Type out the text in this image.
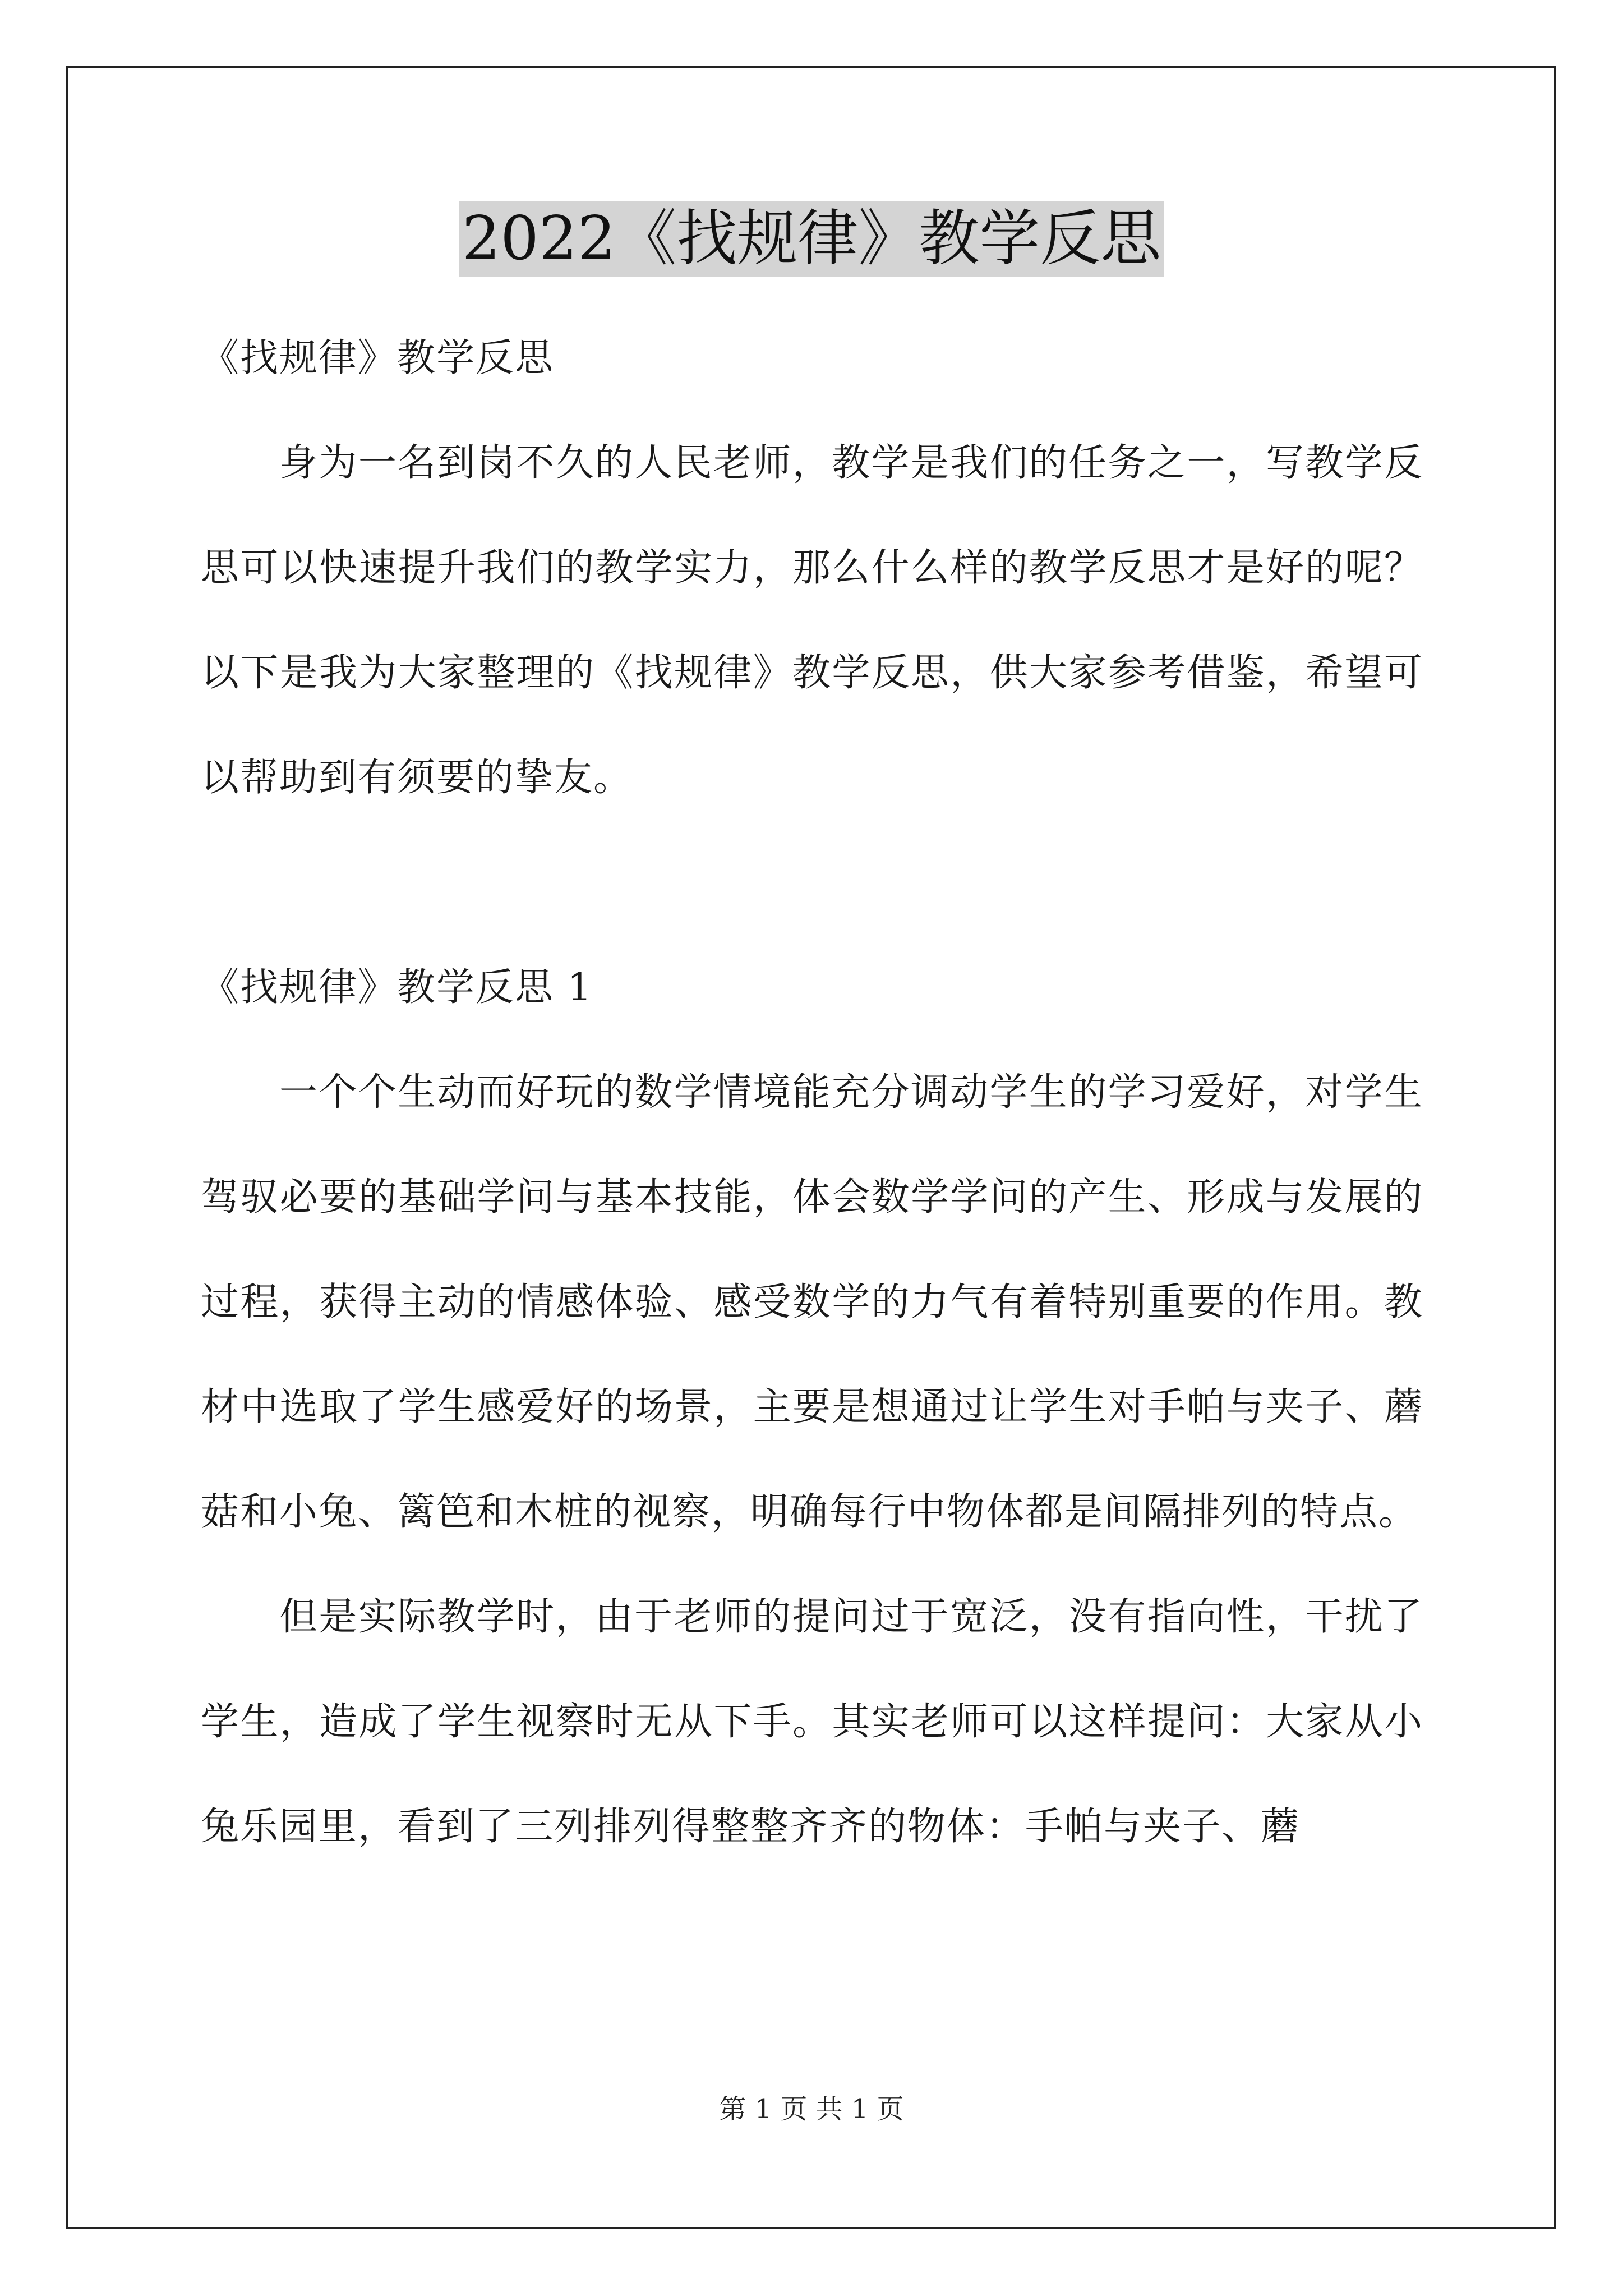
2022《找规律》教学反思

《找规律》教学反思

身为一名到岗不久的人民老师，教学是我们的任务之一，写教学反思可以快速提升我们的教学实力，那么什么样的教学反思才是好的呢？以下是我为大家整理的《找规律》教学反思，供大家参考借鉴，希望可以帮助到有须要的挚友。

《找规律》教学反思 1

一个个生动而好玩的数学情境能充分调动学生的学习爱好，对学生驾驭必要的基础学问与基本技能，体会数学学问的产生、形成与发展的过程，获得主动的情感体验、感受数学的力气有着特别重要的作用。教材中选取了学生感爱好的场景，主要是想通过让学生对手帕与夹子、蘑菇和小兔、篱笆和木桩的视察，明确每行中物体都是间隔排列的特点。

但是实际教学时，由于老师的提问过于宽泛，没有指向性，干扰了学生，造成了学生视察时无从下手。其实老师可以这样提问：大家从小兔乐园里，看到了三列排列得整整齐齐的物体：手帕与夹子、蘑

第 1 页 共 1 页
